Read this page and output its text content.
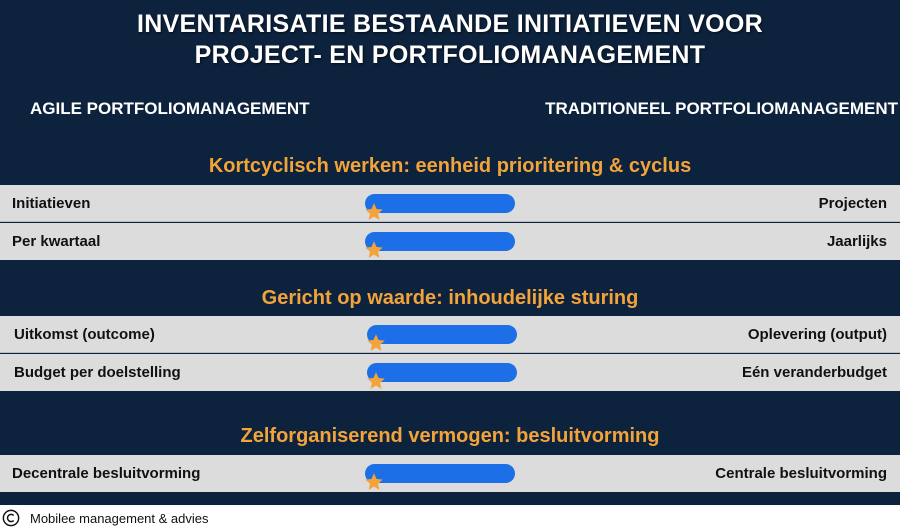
INVENTARISATIE BESTAANDE INITIATIEVEN VOOR
PROJECT- EN PORTFOLIOMANAGEMENT
AGILE PORTFOLIOMANAGEMENT	TRADITIONEEL PORTFOLIOMANAGEMENT
Kortcyclisch werken: eenheid prioritering & cyclus
Initiatieven	Projecten
Per kwartaal	Jaarlijks
Gericht op waarde: inhoudelijke sturing
Uitkomst (outcome)	Oplevering (output)
Budget per doelstelling	Eén veranderbudget
Zelforganiserend vermogen: besluitvorming
Decentrale besluitvorming	Centrale besluitvorming
Mobilee management & advies
